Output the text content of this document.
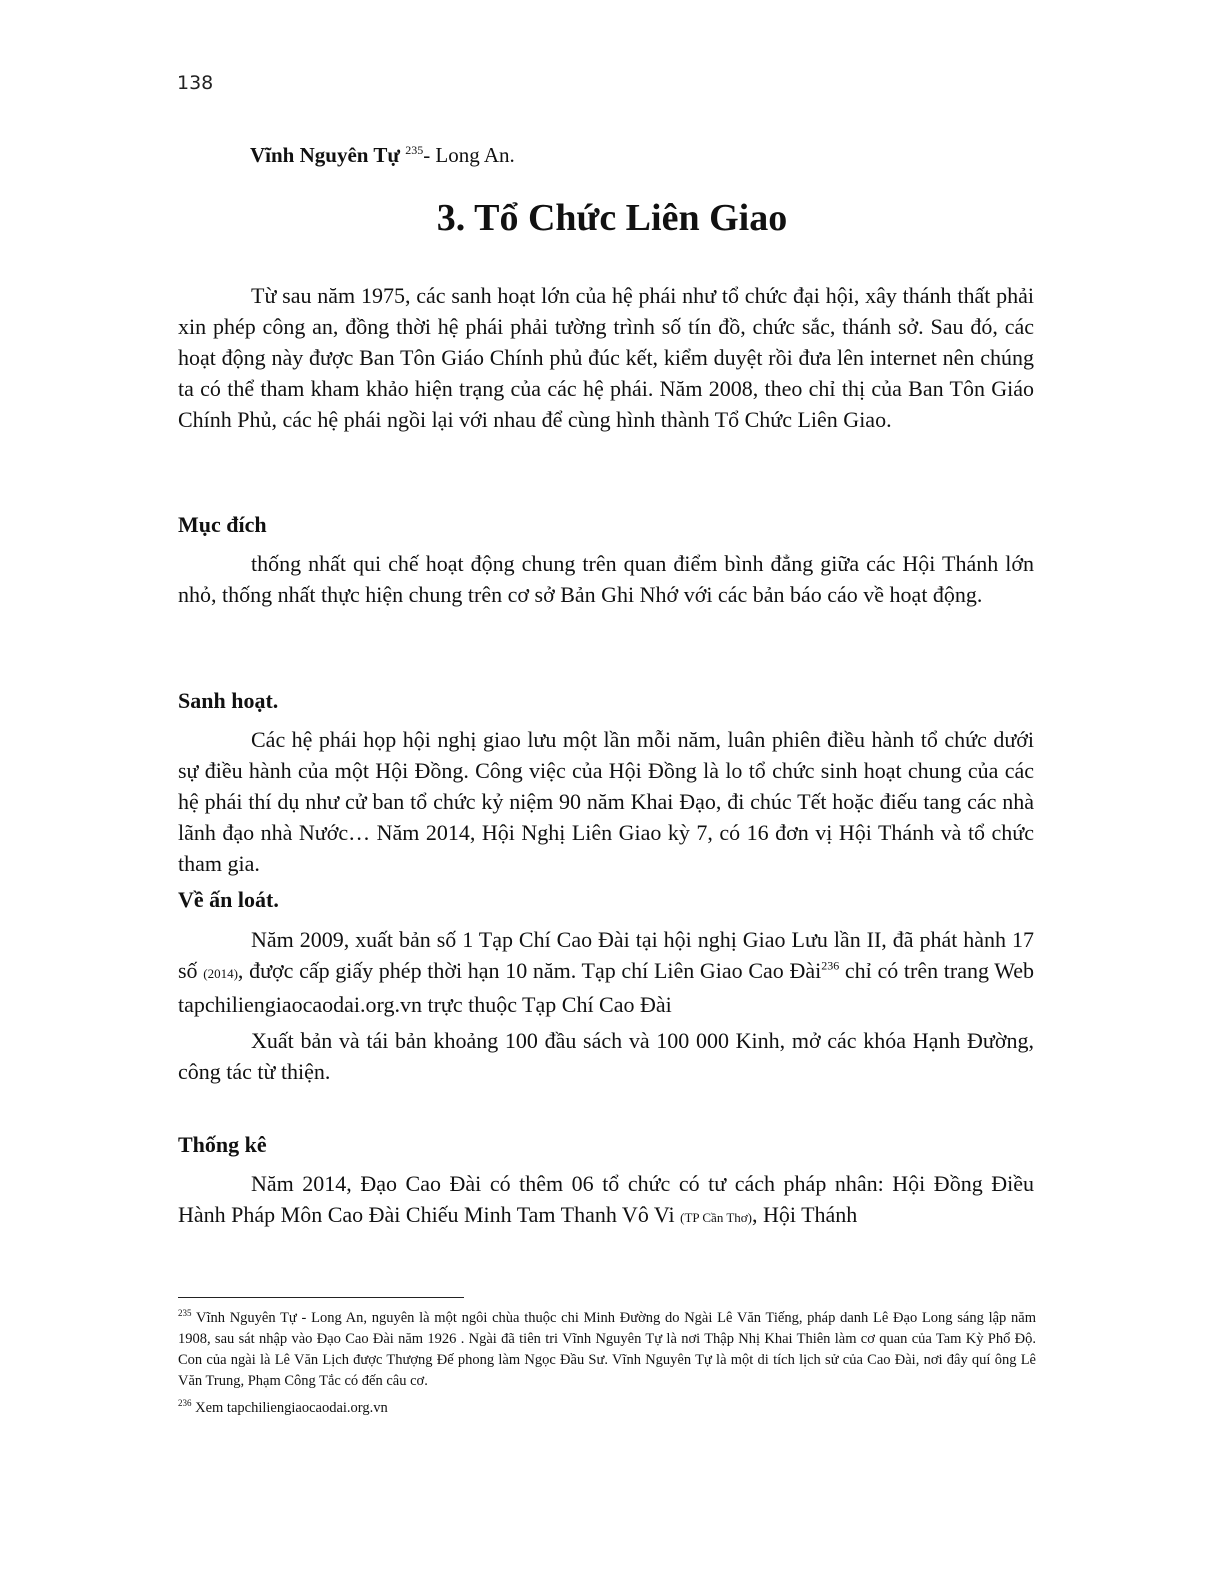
138
Vĩnh Nguyên Tự $^{235}$- Long An.
3. Tổ Chức Liên Giao

Từ sau năm 1975, các sanh hoạt lớn của hệ phái như tổ chức đại hội, xây thánh thất phải xin phép công an, đồng thời hệ phái phải tường trình số tín đồ, chức sắc, thánh sở. Sau đó, các hoạt động này được Ban Tôn Giáo Chính phủ đúc kết, kiểm duyệt rồi đưa lên internet nên chúng ta có thể tham kham khảo hiện trạng của các hệ phái. Năm 2008, theo chỉ thị của Ban Tôn Giáo Chính Phủ, các hệ phái ngồi lại với nhau để cùng hình thành Tổ Chức Liên Giao.

Mục đích

thống nhất qui chế hoạt động chung trên quan điểm bình đẳng giữa các Hội Thánh lớn nhỏ, thống nhất thực hiện chung trên cơ sở Bản Ghi Nhớ với các bản báo cáo về hoạt động.

Sanh hoạt.

Các hệ phái họp hội nghị giao lưu một lần mỗi năm, luân phiên điều hành tổ chức dưới sự điều hành của một Hội Đồng. Công việc của Hội Đồng là lo tổ chức sinh hoạt chung của các hệ phái thí dụ như cử ban tổ chức kỷ niệm 90 năm Khai Đạo, đi chúc Tết hoặc điếu tang các nhà lãnh đạo nhà Nước… Năm 2014, Hội Nghị Liên Giao kỳ 7, có 16 đơn vị Hội Thánh và tổ chức tham gia.

Về ấn loát.

Năm 2009, xuất bản số 1 Tạp Chí Cao Đài tại hội nghị Giao Lưu lần II, đã phát hành 17 số (2014), được cấp giấy phép thời hạn 10 năm. Tạp chí Liên Giao Cao Đài$^{236}$ chỉ có trên trang Web tapchiliengiaocaodai.org.vn trực thuộc Tạp Chí Cao Đài

Xuất bản và tái bản khoảng 100 đầu sách và 100 000 Kinh, mở các khóa Hạnh Đường, công tác từ thiện.

Thống kê

Năm 2014, Đạo Cao Đài có thêm 06 tổ chức có tư cách pháp nhân: Hội Đồng Điều Hành Pháp Môn Cao Đài Chiếu Minh Tam Thanh Vô Vi (TP Cần Thơ), Hội Thánh

$^{235}$ Vĩnh Nguyên Tự - Long An, nguyên là một ngôi chùa thuộc chi Minh Đường do Ngài Lê Văn Tiếng, pháp danh Lê Đạo Long sáng lập năm 1908, sau sát nhập vào Đạo Cao Đài năm 1926 . Ngài đã tiên tri Vĩnh Nguyên Tự là nơi Thập Nhị Khai Thiên làm cơ quan của Tam Kỳ Phổ Độ. Con của ngài là Lê Văn Lịch được Thượng Đế phong làm Ngọc Đầu Sư. Vĩnh Nguyên Tự là một di tích lịch sử của Cao Đài, nơi đây quí ông Lê Văn Trung, Phạm Công Tắc có đến câu cơ.
$^{236}$ Xem tapchiliengiaocaodai.org.vn
